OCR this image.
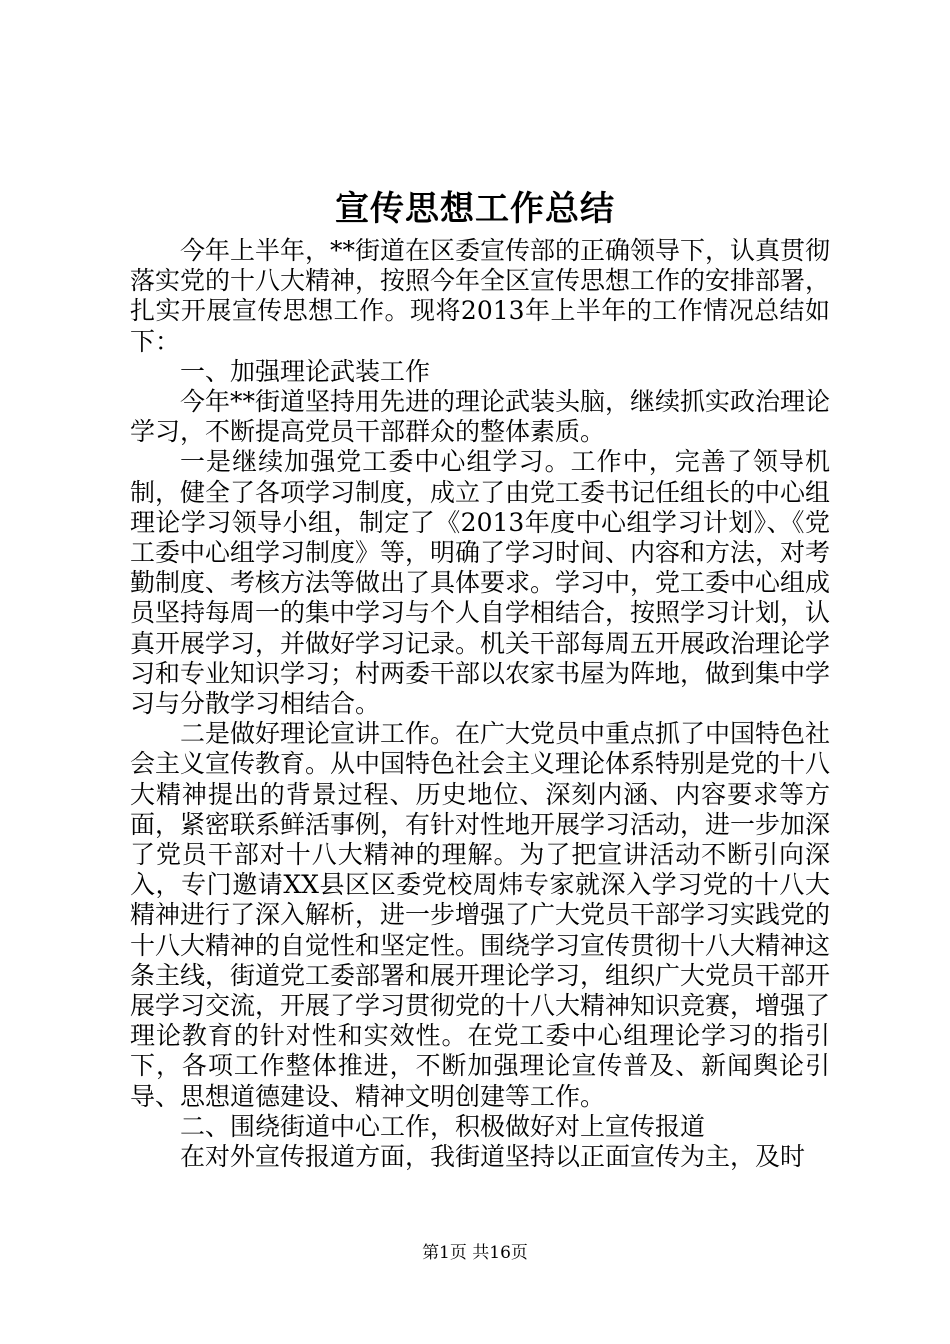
宣传思想工作总结

今年上半年，**街道在区委宣传部的正确领导下，认真贯彻落实党的十八大精神，按照今年全区宣传思想工作的安排部署，扎实开展宣传思想工作。现将2013年上半年的工作情况总结如下：

一、加强理论武装工作

今年**街道坚持用先进的理论武装头脑，继续抓实政治理论学习，不断提高党员干部群众的整体素质。

一是继续加强党工委中心组学习。工作中，完善了领导机制，健全了各项学习制度，成立了由党工委书记任组长的中心组理论学习领导小组，制定了《2013年度中心组学习计划》、《党工委中心组学习制度》等，明确了学习时间、内容和方法，对考勤制度、考核方法等做出了具体要求。学习中，党工委中心组成员坚持每周一的集中学习与个人自学相结合，按照学习计划，认真开展学习，并做好学习记录。机关干部每周五开展政治理论学习和专业知识学习；村两委干部以农家书屋为阵地，做到集中学习与分散学习相结合。

二是做好理论宣讲工作。在广大党员中重点抓了中国特色社会主义宣传教育。从中国特色社会主义理论体系特别是党的十八大精神提出的背景过程、历史地位、深刻内涵、内容要求等方面，紧密联系鲜活事例，有针对性地开展学习活动，进一步加深了党员干部对十八大精神的理解。为了把宣讲活动不断引向深入，专门邀请XX县区区委党校周炜专家就深入学习党的十八大精神进行了深入解析，进一步增强了广大党员干部学习实践党的十八大精神的自觉性和坚定性。围绕学习宣传贯彻十八大精神这条主线，街道党工委部署和展开理论学习，组织广大党员干部开展学习交流，开展了学习贯彻党的十八大精神知识竞赛，增强了理论教育的针对性和实效性。在党工委中心组理论学习的指引下，各项工作整体推进，不断加强理论宣传普及、新闻舆论引导、思想道德建设、精神文明创建等工作。

二、围绕街道中心工作，积极做好对上宣传报道

在对外宣传报道方面，我街道坚持以正面宣传为主，及时

第1页 共16页
